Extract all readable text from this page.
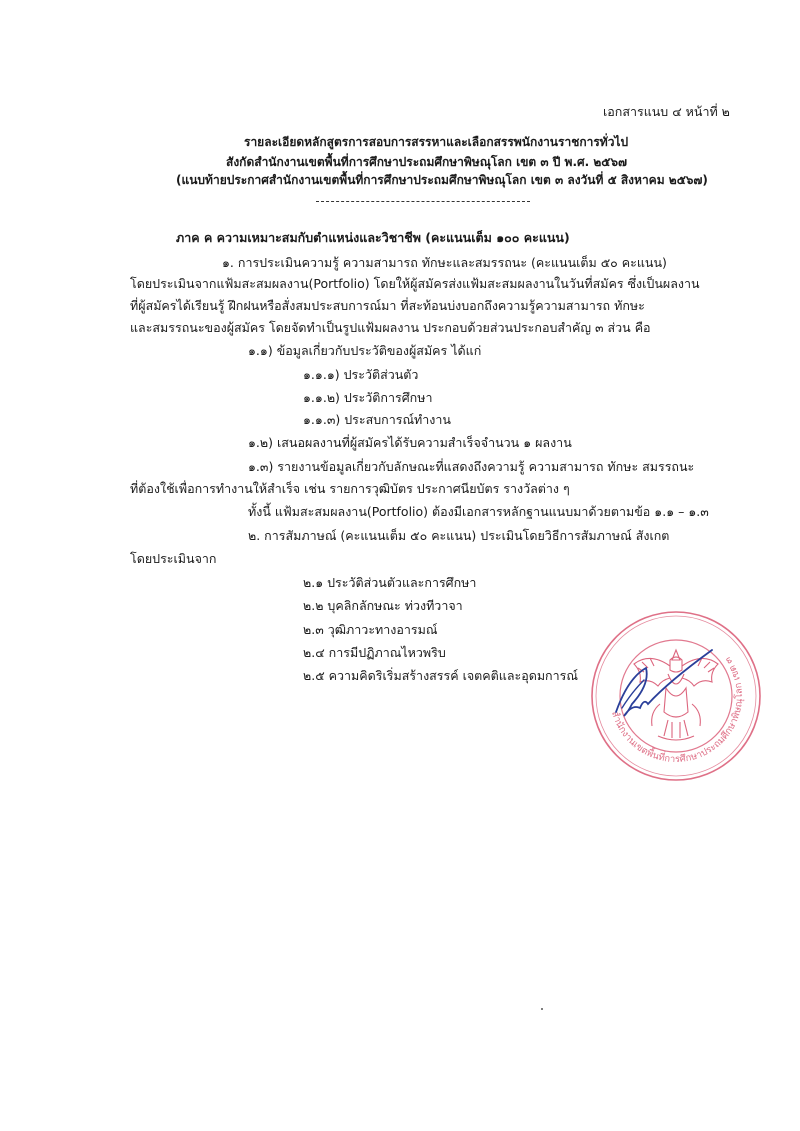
เอกสารแนบ ๔ หน้าที่ ๒
รายละเอียดหลักสูตรการสอบการสรรหาและเลือกสรรพนักงานราชการทั่วไป
สังกัดสำนักงานเขตพื้นที่การศึกษาประถมศึกษาพิษณุโลก เขต ๓ ปี พ.ศ. ๒๕๖๗
(แนบท้ายประกาศสำนักงานเขตพื้นที่การศึกษาประถมศึกษาพิษณุโลก เขต ๓ ลงวันที่ ๕ สิงหาคม ๒๕๖๗)
ภาค ค ความเหมาะสมกับตำแหน่งและวิชาชีพ (คะแนนเต็ม ๑๐๐ คะแนน)
๑. การประเมินความรู้ ความสามารถ ทักษะและสมรรถนะ (คะแนนเต็ม ๕๐ คะแนน)
โดยประเมินจากแฟ้มสะสมผลงาน(Portfolio) โดยให้ผู้สมัครส่งแฟ้มสะสมผลงานในวันที่สมัคร ซึ่งเป็นผลงาน
ที่ผู้สมัครได้เรียนรู้ ฝึกฝนหรือสั่งสมประสบการณ์มา ที่สะท้อนบ่งบอกถึงความรู้ความสามารถ ทักษะ
และสมรรถนะของผู้สมัคร โดยจัดทำเป็นรูปแฟ้มผลงาน ประกอบด้วยส่วนประกอบสำคัญ ๓ ส่วน คือ
๑.๑) ข้อมูลเกี่ยวกับประวัติของผู้สมัคร ได้แก่
๑.๑.๑) ประวัติส่วนตัว
๑.๑.๒) ประวัติการศึกษา
๑.๑.๓) ประสบการณ์ทำงาน
๑.๒) เสนอผลงานที่ผู้สมัครได้รับความสำเร็จจำนวน ๑ ผลงาน
๑.๓) รายงานข้อมูลเกี่ยวกับลักษณะที่แสดงถึงความรู้ ความสามารถ ทักษะ สมรรถนะ
ที่ต้องใช้เพื่อการทำงานให้สำเร็จ เช่น รายการวุฒิบัตร ประกาศนียบัตร รางวัลต่าง ๆ
ทั้งนี้ แฟ้มสะสมผลงาน(Portfolio) ต้องมีเอกสารหลักฐานแนบมาด้วยตามข้อ ๑.๑ – ๑.๓
๒. การสัมภาษณ์ (คะแนนเต็ม ๕๐ คะแนน) ประเมินโดยวิธีการสัมภาษณ์ สังเกต
โดยประเมินจาก
๒.๑ ประวัติส่วนตัวและการศึกษา
๒.๒ บุคลิกลักษณะ ท่วงทีวาจา
๒.๓ วุฒิภาวะทางอารมณ์
๒.๔ การมีปฏิภาณไหวพริบ
๒.๕ ความคิดริเริ่มสร้างสรรค์ เจตคติและอุดมการณ์
สำนักงานเขตพื้นที่การศึกษาประถมศึกษาพิษณุโลก เขต ๓
